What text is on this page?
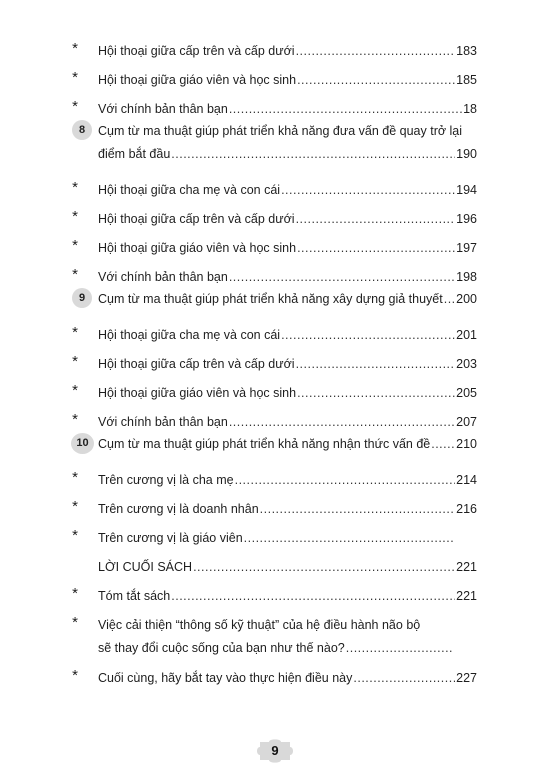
*	Hội thoại giữa cấp trên và cấp dưới .....	183
*	Hội thoại giữa giáo viên và học sinh .....	185
*	Với chính bản thân bạn .....	18
8	Cụm từ ma thuật giúp phát triển khả năng đưa vấn đề quay trở lại
điểm bắt đầu .....	190
*	Hội thoại giữa cha mẹ và con cái .....	194
*	Hội thoại giữa cấp trên và cấp dưới .....	196
*	Hội thoại giữa giáo viên và học sinh .....	197
*	Với chính bản thân bạn .....	198
9	Cụm từ ma thuật giúp phát triển khả năng xây dựng giả thuyết ..... 200
*	Hội thoại giữa cha mẹ và con cái .....	201
*	Hội thoại giữa cấp trên và cấp dưới .....	203
*	Hội thoại giữa giáo viên và học sinh .....	205
*	Với chính bản thân bạn .....	207
10 Cụm từ ma thuật giúp phát triển khả năng nhận thức vấn đề ..... 210
*	Trên cương vị là cha mẹ .....	214
*	Trên cương vị là doanh nhân .....	216
*	Trên cương vị là giáo viên
.....
LỜI CUỐI SÁCH .....	221
*	Tóm tắt sách .....	221
*	Việc cải thiện “thông số kỹ thuật” của hệ điều hành não bộ
sẽ thay đổi cuộc sống của bạn như thế nào?
.....
*	Cuối cùng, hãy bắt tay vào thực hiện điều này .....	227
9
